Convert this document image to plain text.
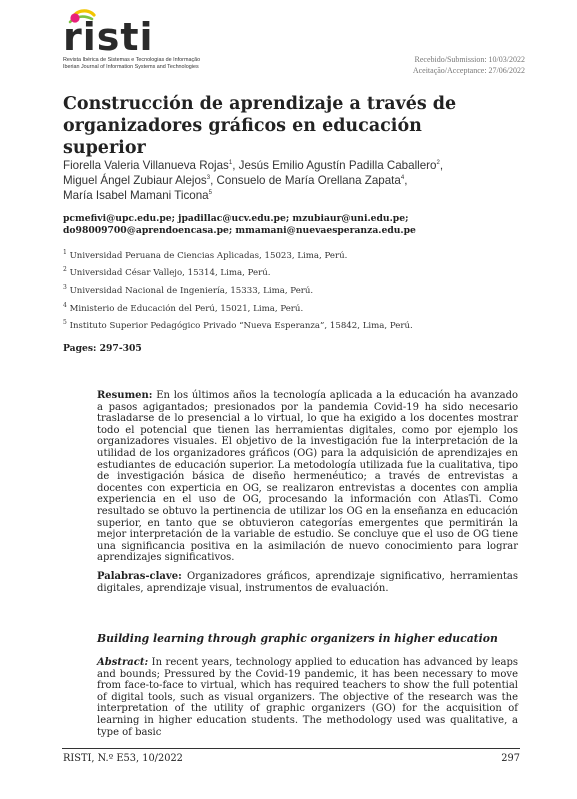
risti
Revista Ibérica de Sistemas e Tecnologias de Informação
Iberian Journal of Information Systems and Technologies
Recebido/Submission: 10/03/2022
Aceitação/Acceptance: 27/06/2022
Construcción de aprendizaje a través de
organizadores gráficos en educación superior
Fiorella Valeria Villanueva Rojas$^1$, Jesús Emilio Agustín Padilla Caballero$^2$,
Miguel Ángel Zubiaur Alejos$^3$, Consuelo de María Orellana Zapata$^4$,
María Isabel Mamani Ticona$^5$
pcmefivi@upc.edu.pe; jpadillac@ucv.edu.pe; mzubiaur@uni.edu.pe;
do98009700@aprendoencasa.pe; mmamani@nuevaesperanza.edu.pe
$^1$ Universidad Peruana de Ciencias Aplicadas, 15023, Lima, Perú.
$^2$ Universidad César Vallejo, 15314, Lima, Perú.
$^3$ Universidad Nacional de Ingeniería, 15333, Lima, Perú.
$^4$ Ministerio de Educación del Perú, 15021, Lima, Perú.
$^5$ Instituto Superior Pedagógico Privado “Nueva Esperanza”, 15842, Lima, Perú.
Pages: 297-305
Resumen: En los últimos años la tecnología aplicada a la educación ha avanzado a pasos agigantados; presionados por la pandemia Covid-19 ha sido necesario trasladarse de lo presencial a lo virtual, lo que ha exigido a los docentes mostrar todo el potencial que tienen las herramientas digitales, como por ejemplo los organizadores visuales. El objetivo de la investigación fue la interpretación de la utilidad de los organizadores gráficos (OG) para la adquisición de aprendizajes en estudiantes de educación superior. La metodología utilizada fue la cualitativa, tipo de investigación básica de diseño hermenéutico; a través de entrevistas a docentes con experticia en OG, se realizaron entrevistas a docentes con amplia experiencia en el uso de OG, procesando la información con AtlasTi. Como resultado se obtuvo la pertinencia de utilizar los OG en la enseñanza en educación superior, en tanto que se obtuvieron categorías emergentes que permitirán la mejor interpretación de la variable de estudio. Se concluye que el uso de OG tiene una significancia positiva en la asimilación de nuevo conocimiento para lograr aprendizajes significativos.
Palabras-clave: Organizadores gráficos, aprendizaje significativo, herramientas digitales, aprendizaje visual, instrumentos de evaluación.
Building learning through graphic organizers in higher education
Abstract: In recent years, technology applied to education has advanced by leaps and bounds; Pressured by the Covid-19 pandemic, it has been necessary to move from face-to-face to virtual, which has required teachers to show the full potential of digital tools, such as visual organizers. The objective of the research was the interpretation of the utility of graphic organizers (GO) for the acquisition of learning in higher education students. The methodology used was qualitative, a type of basic
RISTI, N.º E53, 10/2022	297
